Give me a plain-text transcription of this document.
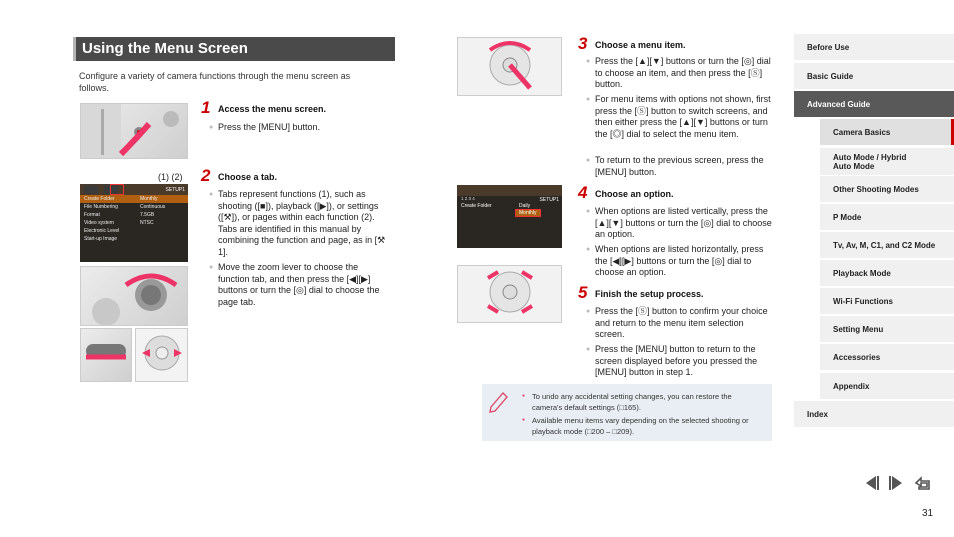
Using the Menu Screen

Configure a variety of camera functions through the menu screen as follows.

1 Access the menu screen.
● Press the [MENU] button.
(1) (2)
SETUP1
Create Folder	Monthly
File Numbering	Continuous
Format	7.5GB
Video system	NTSC
Electronic Level
Start-up Image
2 Choose a tab.
● Tabs represent functions (1), such as shooting ([■]), playback ([▶]), or settings ([⚒]), or pages within each function (2). Tabs are identified in this manual by combining the function and page, as in [⚒ 1].
● Move the zoom lever to choose the function tab, and then press the [◀][▶] buttons or turn the [◎] dial to choose the page tab.
1 2 3 4	SETUP1
Create Folder	Daily
Monthly
3 Choose a menu item.
● Press the [▲][▼] buttons or turn the [◎] dial to choose an item, and then press the [Ⓢ] button.
● For menu items with options not shown, first press the [Ⓢ] button to switch screens, and then either press the [▲][▼] buttons or turn the [◎] dial to select the menu item.
● To return to the previous screen, press the [MENU] button.
4 Choose an option.
● When options are listed vertically, press the [▲][▼] buttons or turn the [◎] dial to choose an option.
● When options are listed horizontally, press the [◀][▶] buttons or turn the [◎] dial to choose an option.
5 Finish the setup process.
● Press the [Ⓢ] button to confirm your choice and return to the menu item selection screen.
● Press the [MENU] button to return to the screen displayed before you pressed the [MENU] button in step 1.
● To undo any accidental setting changes, you can restore the camera's default settings (□165).
● Available menu items vary depending on the selected shooting or playback mode (□200 – □209).
Before Use
Basic Guide
Advanced Guide
Camera Basics
Auto Mode / Hybrid Auto Mode
Other Shooting Modes
P Mode
Tv, Av, M, C1, and C2 Mode
Playback Mode
Wi-Fi Functions
Setting Menu
Accessories
Appendix
Index
31
